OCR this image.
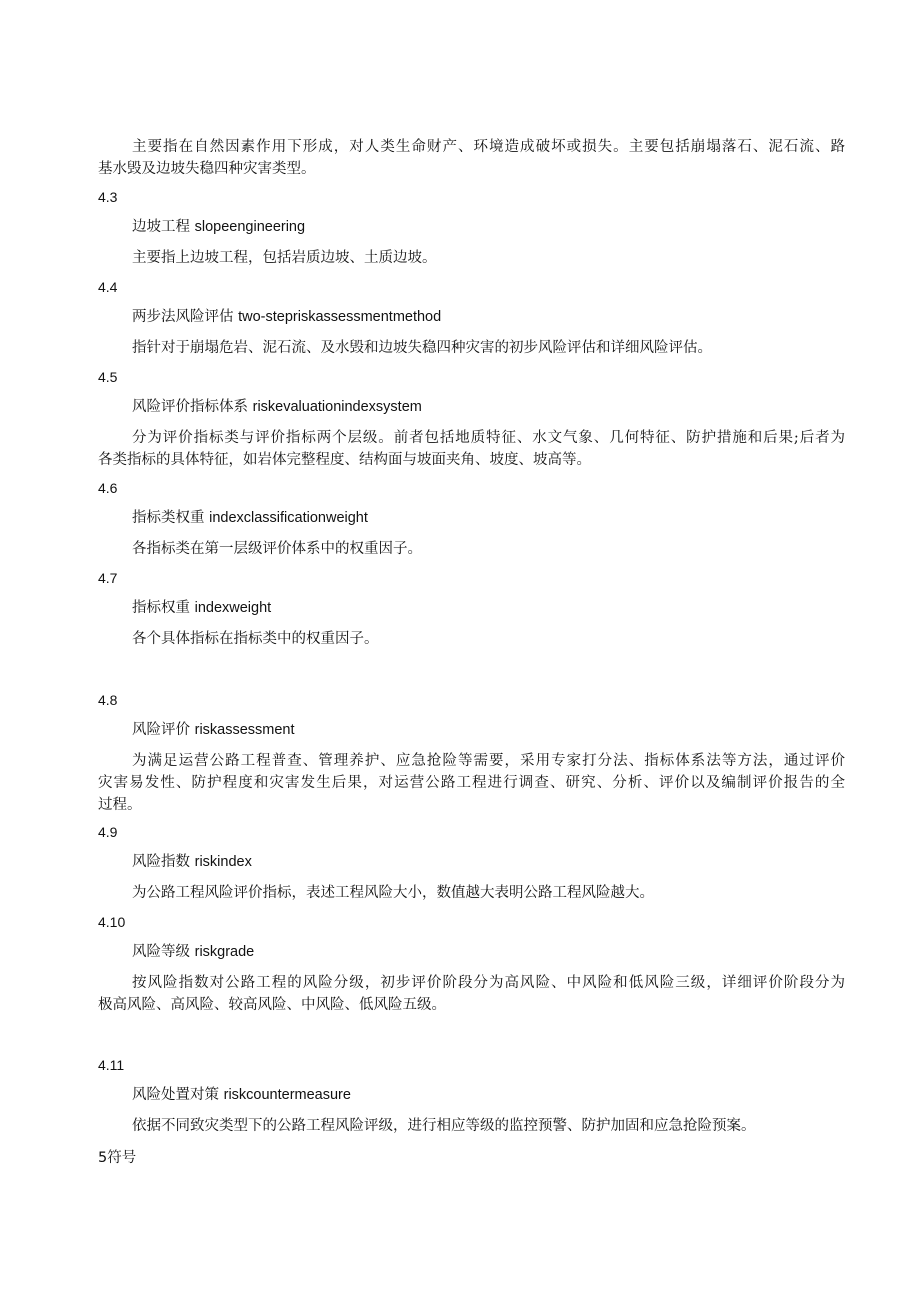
主要指在自然因素作用下形成，对人类生命财产、环境造成破坏或损失。主要包括崩塌落石、泥石流、路
基水毁及边坡失稳四种灾害类型。
4.3
边坡工程 slopeengineering
主要指上边坡工程，包括岩质边坡、土质边坡。
4.4
两步法风险评估 two-stepriskassessmentmethod
指针对于崩塌危岩、泥石流、及水毁和边坡失稳四种灾害的初步风险评估和详细风险评估。
4.5
风险评价指标体系 riskevaluationindexsystem
分为评价指标类与评价指标两个层级。前者包括地质特征、水文气象、几何特征、防护措施和后果;后者为
各类指标的具体特征，如岩体完整程度、结构面与坡面夹角、坡度、坡高等。
4.6
指标类权重 indexclassificationweight
各指标类在第一层级评价体系中的权重因子。
4.7
指标权重 indexweight
各个具体指标在指标类中的权重因子。
4.8
风险评价 riskassessment
为满足运营公路工程普查、管理养护、应急抢险等需要，采用专家打分法、指标体系法等方法，通过评价
灾害易发性、防护程度和灾害发生后果，对运营公路工程进行调查、研究、分析、评价以及编制评价报告的全
过程。
4.9
风险指数 riskindex
为公路工程风险评价指标，表述工程风险大小，数值越大表明公路工程风险越大。
4.10
风险等级 riskgrade
按风险指数对公路工程的风险分级，初步评价阶段分为高风险、中风险和低风险三级，详细评价阶段分为
极高风险、高风险、较高风险、中风险、低风险五级。
4.11
风险处置对策 riskcountermeasure
依据不同致灾类型下的公路工程风险评级，进行相应等级的监控预警、防护加固和应急抢险预案。
5符号
